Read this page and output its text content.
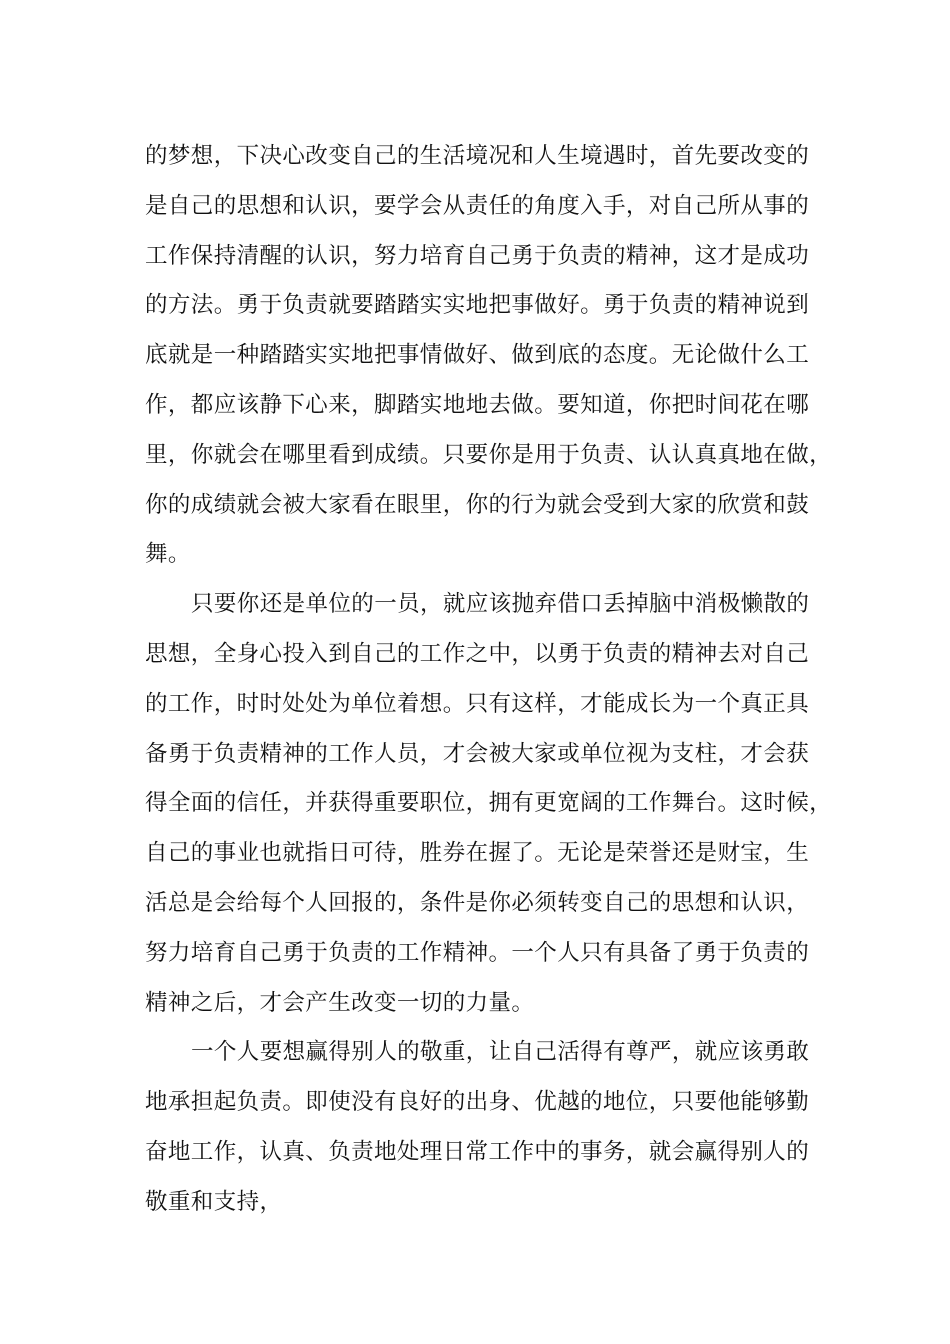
的梦想，下决心改变自己的生活境况和人生境遇时，首先要改变的
是自己的思想和认识，要学会从责任的角度入手，对自己所从事的
工作保持清醒的认识，努力培育自己勇于负责的精神，这才是成功
的方法。勇于负责就要踏踏实实地把事做好。勇于负责的精神说到
底就是一种踏踏实实地把事情做好、做到底的态度。无论做什么工
作，都应该静下心来，脚踏实地地去做。要知道，你把时间花在哪
里，你就会在哪里看到成绩。只要你是用于负责、认认真真地在做，
你的成绩就会被大家看在眼里，你的行为就会受到大家的欣赏和鼓
舞。
只要你还是单位的一员，就应该抛弃借口丢掉脑中消极懒散的
思想，全身心投入到自己的工作之中，以勇于负责的精神去对自己
的工作，时时处处为单位着想。只有这样，才能成长为一个真正具
备勇于负责精神的工作人员，才会被大家或单位视为支柱，才会获
得全面的信任，并获得重要职位，拥有更宽阔的工作舞台。这时候，
自己的事业也就指日可待，胜券在握了。无论是荣誉还是财宝，生
活总是会给每个人回报的，条件是你必须转变自己的思想和认识，
努力培育自己勇于负责的工作精神。一个人只有具备了勇于负责的
精神之后，才会产生改变一切的力量。
一个人要想赢得别人的敬重，让自己活得有尊严，就应该勇敢
地承担起负责。即使没有良好的出身、优越的地位，只要他能够勤
奋地工作，认真、负责地处理日常工作中的事务，就会赢得别人的
敬重和支持，
